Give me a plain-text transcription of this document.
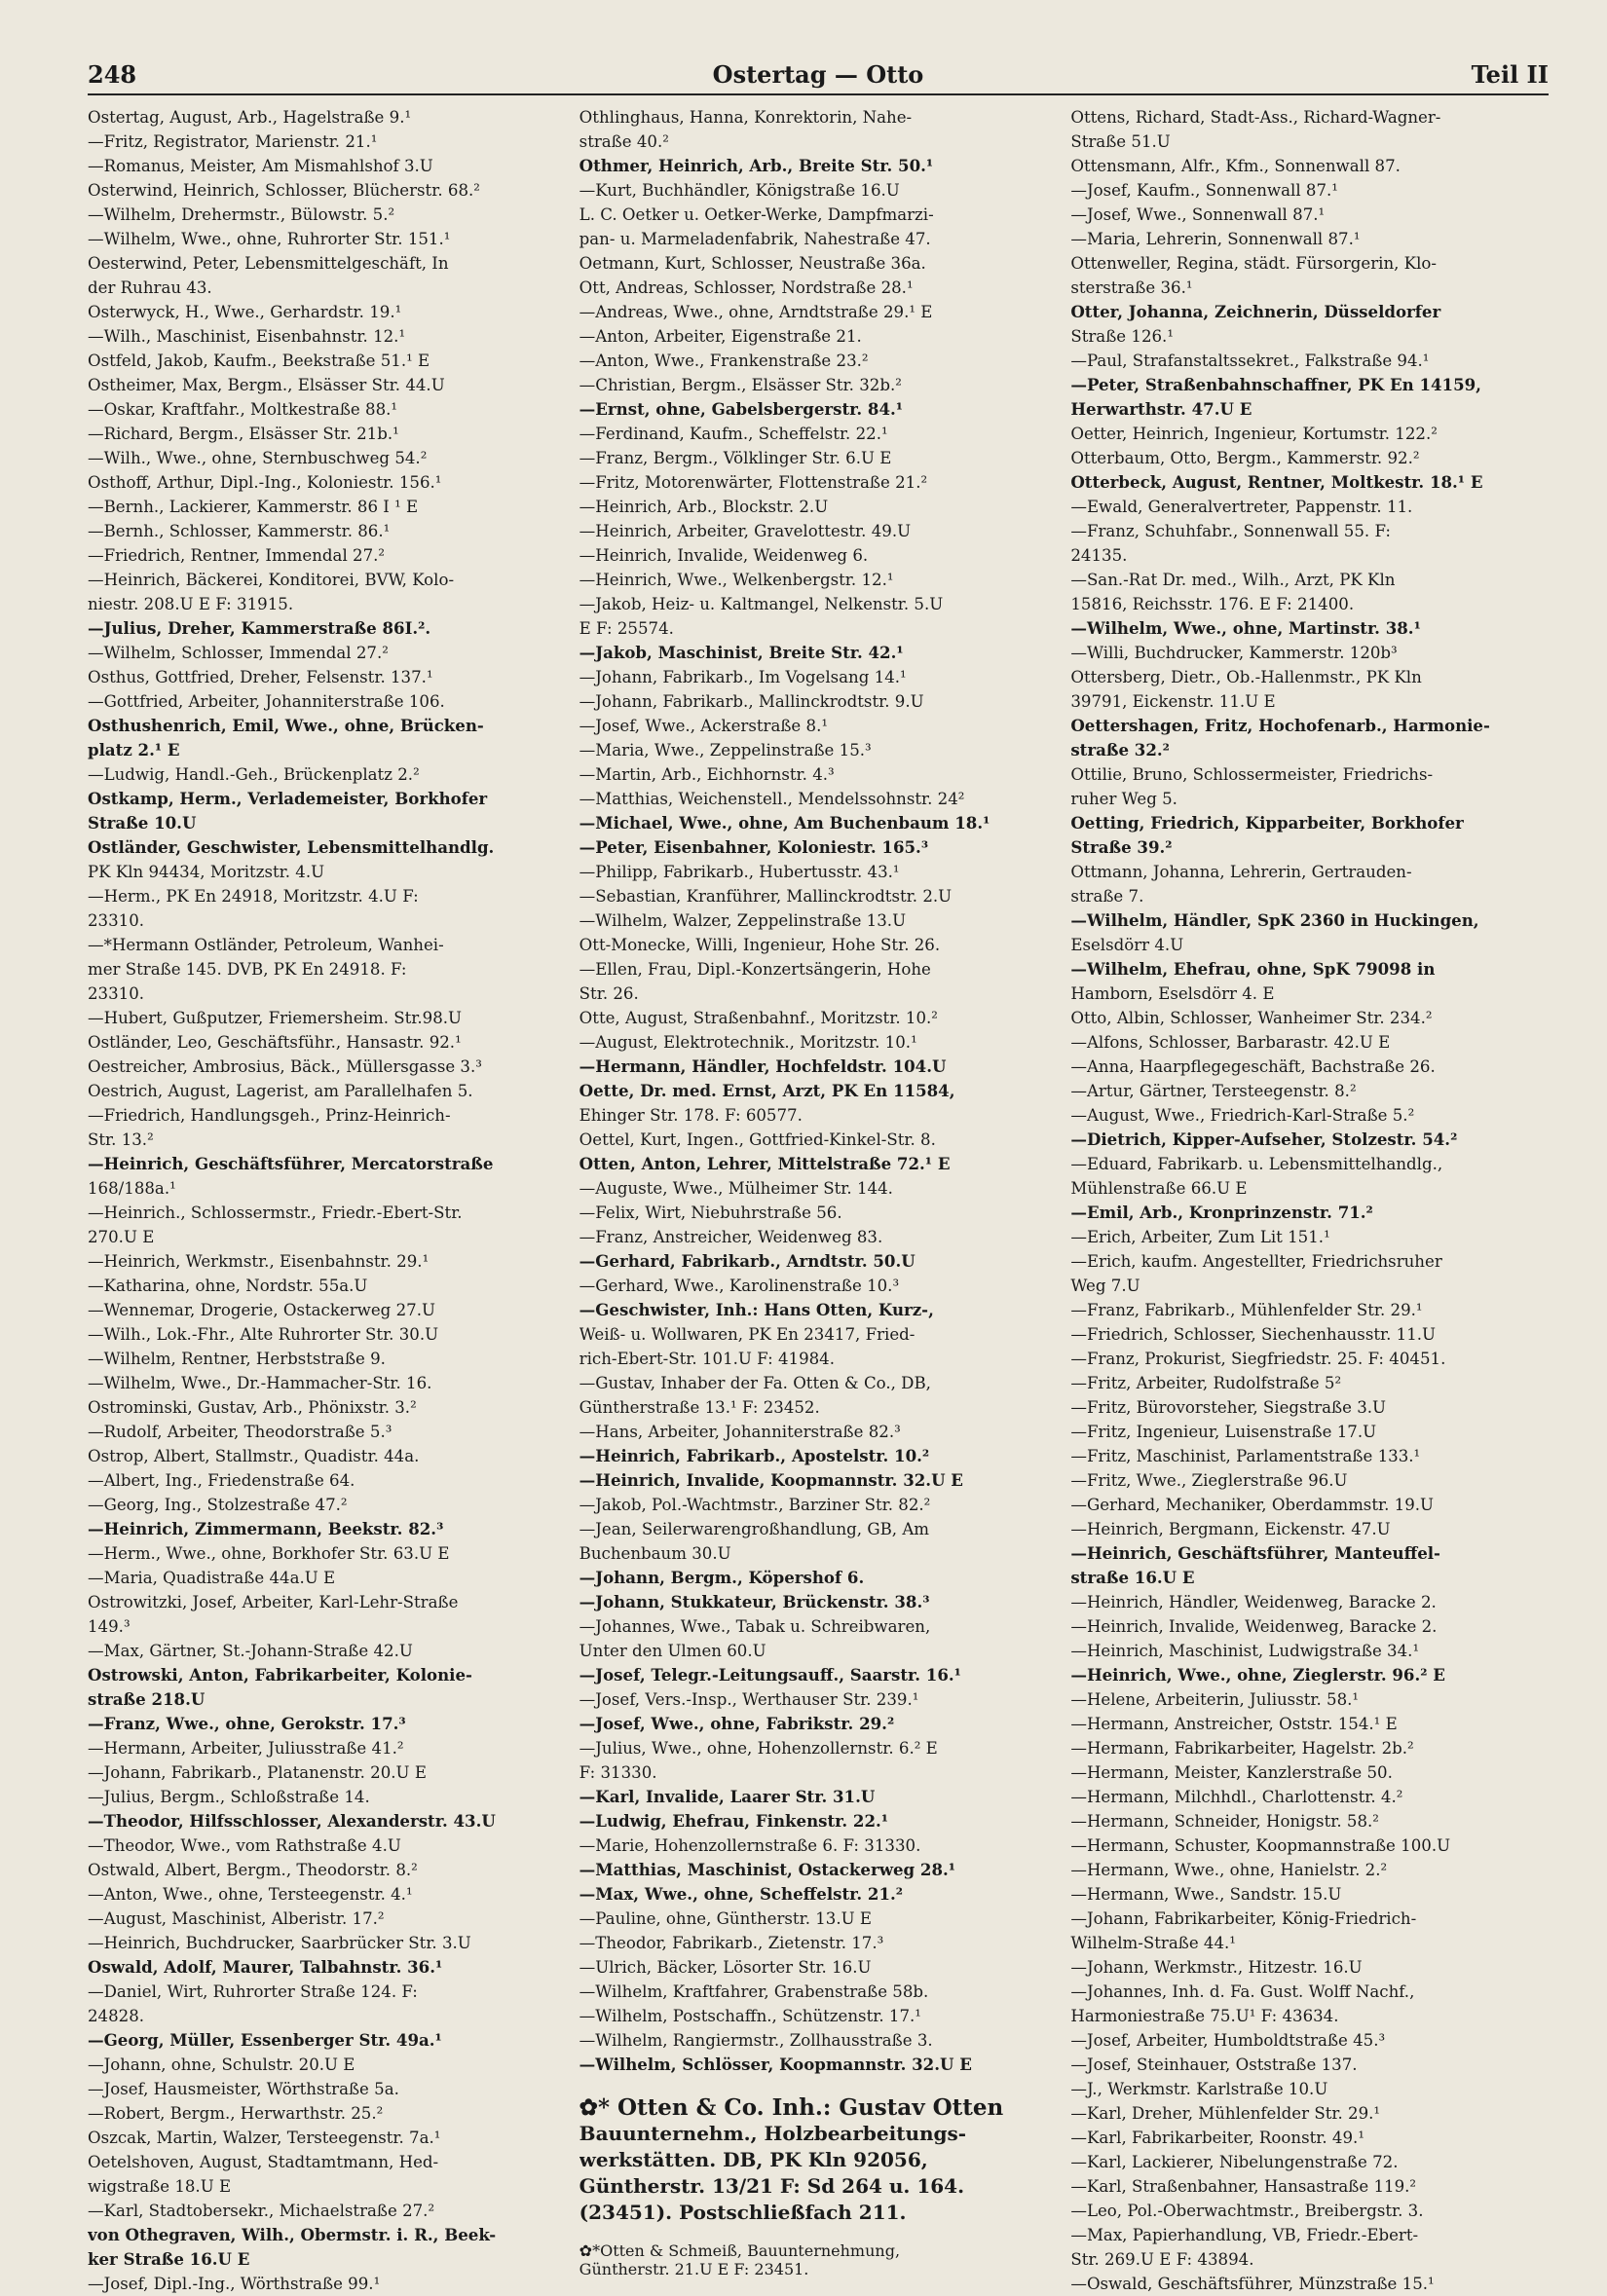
248	Ostertag — Otto	Teil II
Ostertag, August, Arb., Hagelstraße 9.¹
—Fritz, Registrator, Marienstr. 21.¹
—Romanus, Meister, Am Mismahlshof 3.U
Osterwind, Heinrich, Schlosser, Blücherstr. 68.²
—Wilhelm, Drehermstr., Bülowstr. 5.²
—Wilhelm, Wwe., ohne, Ruhrorter Str. 151.¹
Oesterwind, Peter, Lebensmittelgeschäft, In
der Ruhrau 43.
Osterwyck, H., Wwe., Gerhardstr. 19.¹
—Wilh., Maschinist, Eisenbahnstr. 12.¹
Ostfeld, Jakob, Kaufm., Beekstraße 51.¹ E
Ostheimer, Max, Bergm., Elsässer Str. 44.U
—Oskar, Kraftfahr., Moltkestraße 88.¹
—Richard, Bergm., Elsässer Str. 21b.¹
—Wilh., Wwe., ohne, Sternbuschweg 54.²
Osthoff, Arthur, Dipl.-Ing., Koloniestr. 156.¹
—Bernh., Lackierer, Kammerstr. 86 I ¹ E
—Bernh., Schlosser, Kammerstr. 86.¹
—Friedrich, Rentner, Immendal 27.²
—Heinrich, Bäckerei, Konditorei, BVW, Kolo-
niestr. 208.U E F: 31915.
—Julius, Dreher, Kammerstraße 86I.².
—Wilhelm, Schlosser, Immendal 27.²
Osthus, Gottfried, Dreher, Felsenstr. 137.¹
—Gottfried, Arbeiter, Johanniterstraße 106.
Osthushenrich, Emil, Wwe., ohne, Brücken-
platz 2.¹ E
—Ludwig, Handl.-Geh., Brückenplatz 2.²
Ostkamp, Herm., Verlademeister, Borkhofer
Straße 10.U
Ostländer, Geschwister, Lebensmittelhandlg.
PK Kln 94434, Moritzstr. 4.U
—Herm., PK En 24918, Moritzstr. 4.U F:
23310.
—*Hermann Ostländer, Petroleum, Wanhei-
mer Straße 145. DVB, PK En 24918. F:
23310.
—Hubert, Gußputzer, Friemersheim. Str.98.U
Ostländer, Leo, Geschäftsführ., Hansastr. 92.¹
Oestreicher, Ambrosius, Bäck., Müllersgasse 3.³
Oestrich, August, Lagerist, am Parallelhafen 5.
—Friedrich, Handlungsgeh., Prinz-Heinrich-
Str. 13.²
—Heinrich, Geschäftsführer, Mercatorstraße
168/188a.¹
—Heinrich., Schlossermstr., Friedr.-Ebert-Str.
270.U E
—Heinrich, Werkmstr., Eisenbahnstr. 29.¹
—Katharina, ohne, Nordstr. 55a.U
—Wennemar, Drogerie, Ostackerweg 27.U
—Wilh., Lok.-Fhr., Alte Ruhrorter Str. 30.U
—Wilhelm, Rentner, Herbststraße 9.
—Wilhelm, Wwe., Dr.-Hammacher-Str. 16.
Ostrominski, Gustav, Arb., Phönixstr. 3.²
—Rudolf, Arbeiter, Theodorstraße 5.³
Ostrop, Albert, Stallmstr., Quadistr. 44a.
—Albert, Ing., Friedenstraße 64.
—Georg, Ing., Stolzestraße 47.²
—Heinrich, Zimmermann, Beekstr. 82.³
—Herm., Wwe., ohne, Borkhofer Str. 63.U E
—Maria, Quadistraße 44a.U E
Ostrowitzki, Josef, Arbeiter, Karl-Lehr-Straße
149.³
—Max, Gärtner, St.-Johann-Straße 42.U
Ostrowski, Anton, Fabrikarbeiter, Kolonie-
straße 218.U
—Franz, Wwe., ohne, Gerokstr. 17.³
—Hermann, Arbeiter, Juliusstraße 41.²
—Johann, Fabrikarb., Platanenstr. 20.U E
—Julius, Bergm., Schloßstraße 14.
—Theodor, Hilfsschlosser, Alexanderstr. 43.U
—Theodor, Wwe., vom Rathstraße 4.U
Ostwald, Albert, Bergm., Theodorstr. 8.²
—Anton, Wwe., ohne, Tersteegenstr. 4.¹
—August, Maschinist, Alberistr. 17.²
—Heinrich, Buchdrucker, Saarbrücker Str. 3.U
Oswald, Adolf, Maurer, Talbahnstr. 36.¹
—Daniel, Wirt, Ruhrorter Straße 124. F:
24828.
—Georg, Müller, Essenberger Str. 49a.¹
—Johann, ohne, Schulstr. 20.U E
—Josef, Hausmeister, Wörthstraße 5a.
—Robert, Bergm., Herwarthstr. 25.²
Oszcak, Martin, Walzer, Tersteegenstr. 7a.¹
Oetelshoven, August, Stadtamtmann, Hed-
wigstraße 18.U E
—Karl, Stadtobersekr., Michaelstraße 27.²
von Othegraven, Wilh., Obermstr. i. R., Beek-
ker Straße 16.U E
—Josef, Dipl.-Ing., Wörthstraße 99.¹
Othlinghaus, Hanna, Konrektorin, Nahe-
straße 40.²
Othmer, Heinrich, Arb., Breite Str. 50.¹
—Kurt, Buchhändler, Königstraße 16.U
L. C. Oetker u. Oetker-Werke, Dampfmarzi-
pan- u. Marmeladenfabrik, Nahestraße 47.
Oetmann, Kurt, Schlosser, Neustraße 36a.
Ott, Andreas, Schlosser, Nordstraße 28.¹
—Andreas, Wwe., ohne, Arndtstraße 29.¹ E
—Anton, Arbeiter, Eigenstraße 21.
—Anton, Wwe., Frankenstraße 23.²
—Christian, Bergm., Elsässer Str. 32b.²
—Ernst, ohne, Gabelsbergerstr. 84.¹
—Ferdinand, Kaufm., Scheffelstr. 22.¹
—Franz, Bergm., Völklinger Str. 6.U E
—Fritz, Motorenwärter, Flottenstraße 21.²
—Heinrich, Arb., Blockstr. 2.U
—Heinrich, Arbeiter, Gravelottestr. 49.U
—Heinrich, Invalide, Weidenweg 6.
—Heinrich, Wwe., Welkenbergstr. 12.¹
—Jakob, Heiz- u. Kaltmangel, Nelkenstr. 5.U
E F: 25574.
—Jakob, Maschinist, Breite Str. 42.¹
—Johann, Fabrikarb., Im Vogelsang 14.¹
—Johann, Fabrikarb., Mallinckrodtstr. 9.U
—Josef, Wwe., Ackerstraße 8.¹
—Maria, Wwe., Zeppelinstraße 15.³
—Martin, Arb., Eichhornstr. 4.³
—Matthias, Weichenstell., Mendelssohnstr. 24²
—Michael, Wwe., ohne, Am Buchenbaum 18.¹
—Peter, Eisenbahner, Koloniestr. 165.³
—Philipp, Fabrikarb., Hubertusstr. 43.¹
—Sebastian, Kranführer, Mallinckrodtstr. 2.U
—Wilhelm, Walzer, Zeppelinstraße 13.U
Ott-Monecke, Willi, Ingenieur, Hohe Str. 26.
—Ellen, Frau, Dipl.-Konzertsängerin, Hohe
Str. 26.
Otte, August, Straßenbahnf., Moritzstr. 10.²
—August, Elektrotechnik., Moritzstr. 10.¹
—Hermann, Händler, Hochfeldstr. 104.U
Oette, Dr. med. Ernst, Arzt, PK En 11584,
Ehinger Str. 178. F: 60577.
Oettel, Kurt, Ingen., Gottfried-Kinkel-Str. 8.
Otten, Anton, Lehrer, Mittelstraße 72.¹ E
—Auguste, Wwe., Mülheimer Str. 144.
—Felix, Wirt, Niebuhrstraße 56.
—Franz, Anstreicher, Weidenweg 83.
—Gerhard, Fabrikarb., Arndtstr. 50.U
—Gerhard, Wwe., Karolinenstraße 10.³
—Geschwister, Inh.: Hans Otten, Kurz-,
Weiß- u. Wollwaren, PK En 23417, Fried-
rich-Ebert-Str. 101.U F: 41984.
—Gustav, Inhaber der Fa. Otten & Co., DB,
Güntherstraße 13.¹ F: 23452.
—Hans, Arbeiter, Johanniterstraße 82.³
—Heinrich, Fabrikarb., Apostelstr. 10.²
—Heinrich, Invalide, Koopmannstr. 32.U E
—Jakob, Pol.-Wachtmstr., Barziner Str. 82.²
—Jean, Seilerwarengroßhandlung, GB, Am
Buchenbaum 30.U
—Johann, Bergm., Köpershof 6.
—Johann, Stukkateur, Brückenstr. 38.³
—Johannes, Wwe., Tabak u. Schreibwaren,
Unter den Ulmen 60.U
—Josef, Telegr.-Leitungsauff., Saarstr. 16.¹
—Josef, Vers.-Insp., Werthauser Str. 239.¹
—Josef, Wwe., ohne, Fabrikstr. 29.²
—Julius, Wwe., ohne, Hohenzollernstr. 6.² E
F: 31330.
—Karl, Invalide, Laarer Str. 31.U
—Ludwig, Ehefrau, Finkenstr. 22.¹
—Marie, Hohenzollernstraße 6. F: 31330.
—Matthias, Maschinist, Ostackerweg 28.¹
—Max, Wwe., ohne, Scheffelstr. 21.²
—Pauline, ohne, Güntherstr. 13.U E
—Theodor, Fabrikarb., Zietenstr. 17.³
—Ulrich, Bäcker, Lösorter Str. 16.U
—Wilhelm, Kraftfahrer, Grabenstraße 58b.
—Wilhelm, Postschaffn., Schützenstr. 17.¹
—Wilhelm, Rangiermstr., Zollhausstraße 3.
—Wilhelm, Schlösser, Koopmannstr. 32.U E
✿* Otten & Co. Inh.: Gustav Otten
Bauunternehm., Holzbearbeitungs-
werkstätten. DB, PK Kln 92056,
Güntherstr. 13/21 F: Sd 264 u. 164.
(23451). Postschließfach 211.
✿*Otten & Schmeiß, Bauunternehmung,
Güntherstr. 21.U E F: 23451.
Ottens, Richard, Stadt-Ass., Richard-Wagner-
Straße 51.U
Ottensmann, Alfr., Kfm., Sonnenwall 87.
—Josef, Kaufm., Sonnenwall 87.¹
—Josef, Wwe., Sonnenwall 87.¹
—Maria, Lehrerin, Sonnenwall 87.¹
Ottenweller, Regina, städt. Fürsorgerin, Klo-
sterstraße 36.¹
Otter, Johanna, Zeichnerin, Düsseldorfer
Straße 126.¹
—Paul, Strafanstaltssekret., Falkstraße 94.¹
—Peter, Straßenbahnschaffner, PK En 14159,
Herwarthstr. 47.U E
Oetter, Heinrich, Ingenieur, Kortumstr. 122.²
Otterbaum, Otto, Bergm., Kammerstr. 92.²
Otterbeck, August, Rentner, Moltkestr. 18.¹ E
—Ewald, Generalvertreter, Pappenstr. 11.
—Franz, Schuhfabr., Sonnenwall 55. F:
24135.
—San.-Rat Dr. med., Wilh., Arzt, PK Kln
15816, Reichsstr. 176. E F: 21400.
—Wilhelm, Wwe., ohne, Martinstr. 38.¹
—Willi, Buchdrucker, Kammerstr. 120b³
Ottersberg, Dietr., Ob.-Hallenmstr., PK Kln
39791, Eickenstr. 11.U E
Oettershagen, Fritz, Hochofenarb., Harmonie-
straße 32.²
Ottilie, Bruno, Schlossermeister, Friedrichs-
ruher Weg 5.
Oetting, Friedrich, Kipparbeiter, Borkhofer
Straße 39.²
Ottmann, Johanna, Lehrerin, Gertrauden-
straße 7.
—Wilhelm, Händler, SpK 2360 in Huckingen,
Eselsdörr 4.U
—Wilhelm, Ehefrau, ohne, SpK 79098 in
Hamborn, Eselsdörr 4. E
Otto, Albin, Schlosser, Wanheimer Str. 234.²
—Alfons, Schlosser, Barbarastr. 42.U E
—Anna, Haarpflegegeschäft, Bachstraße 26.
—Artur, Gärtner, Tersteegenstr. 8.²
—August, Wwe., Friedrich-Karl-Straße 5.²
—Dietrich, Kipper-Aufseher, Stolzestr. 54.²
—Eduard, Fabrikarb. u. Lebensmittelhandlg.,
Mühlenstraße 66.U E
—Emil, Arb., Kronprinzenstr. 71.²
—Erich, Arbeiter, Zum Lit 151.¹
—Erich, kaufm. Angestellter, Friedrichsruher
Weg 7.U
—Franz, Fabrikarb., Mühlenfelder Str. 29.¹
—Friedrich, Schlosser, Siechenhausstr. 11.U
—Franz, Prokurist, Siegfriedstr. 25. F: 40451.
—Fritz, Arbeiter, Rudolfstraße 5²
—Fritz, Bürovorsteher, Siegstraße 3.U
—Fritz, Ingenieur, Luisenstraße 17.U
—Fritz, Maschinist, Parlamentstraße 133.¹
—Fritz, Wwe., Zieglerstraße 96.U
—Gerhard, Mechaniker, Oberdammstr. 19.U
—Heinrich, Bergmann, Eickenstr. 47.U
—Heinrich, Geschäftsführer, Manteuffel-
straße 16.U E
—Heinrich, Händler, Weidenweg, Baracke 2.
—Heinrich, Invalide, Weidenweg, Baracke 2.
—Heinrich, Maschinist, Ludwigstraße 34.¹
—Heinrich, Wwe., ohne, Zieglerstr. 96.² E
—Helene, Arbeiterin, Juliusstr. 58.¹
—Hermann, Anstreicher, Oststr. 154.¹ E
—Hermann, Fabrikarbeiter, Hagelstr. 2b.²
—Hermann, Meister, Kanzlerstraße 50.
—Hermann, Milchhdl., Charlottenstr. 4.²
—Hermann, Schneider, Honigstr. 58.²
—Hermann, Schuster, Koopmannstraße 100.U
—Hermann, Wwe., ohne, Hanielstr. 2.²
—Hermann, Wwe., Sandstr. 15.U
—Johann, Fabrikarbeiter, König-Friedrich-
Wilhelm-Straße 44.¹
—Johann, Werkmstr., Hitzestr. 16.U
—Johannes, Inh. d. Fa. Gust. Wolff Nachf.,
Harmoniestraße 75.U¹ F: 43634.
—Josef, Arbeiter, Humboldtstraße 45.³
—Josef, Steinhauer, Oststraße 137.
—J., Werkmstr. Karlstraße 10.U
—Karl, Dreher, Mühlenfelder Str. 29.¹
—Karl, Fabrikarbeiter, Roonstr. 49.¹
—Karl, Lackierer, Nibelungenstraße 72.
—Karl, Straßenbahner, Hansastraße 119.²
—Leo, Pol.-Oberwachtmstr., Breibergstr. 3.
—Max, Papierhandlung, VB, Friedr.-Ebert-
Str. 269.U E F: 43894.
—Oswald, Geschäftsführer, Münzstraße 15.¹
